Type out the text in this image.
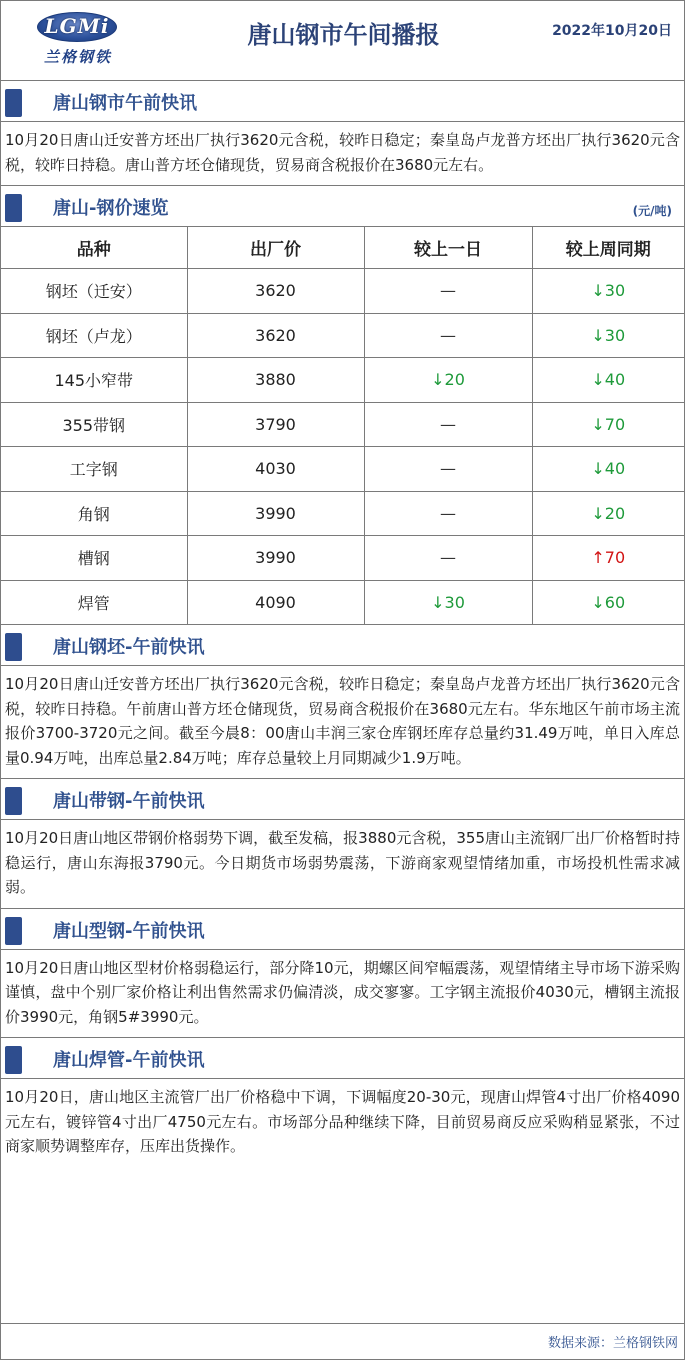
LGMi
兰格钢铁
唐山钢市午间播报	2022年10月20日
唐山钢市午前快讯
10月20日唐山迁安普方坯出厂执行3620元含税，较昨日稳定；秦皇岛卢龙普方坯出厂执行3620元含税，较昨日持稳。唐山普方坯仓储现货，贸易商含税报价在3680元左右。
唐山-钢价速览	(元/吨)
品种	出厂价	较上一日	较上周同期
钢坯（迁安）	3620	—	↓30
钢坯（卢龙）	3620	—	↓30
145小窄带	3880	↓20	↓40
355带钢	3790	—	↓70
工字钢	4030	—	↓40
角钢	3990	—	↓20
槽钢	3990	—	↑70
焊管	4090	↓30	↓60
唐山钢坯-午前快讯
10月20日唐山迁安普方坯出厂执行3620元含税，较昨日稳定；秦皇岛卢龙普方坯出厂执行3620元含税，较昨日持稳。午前唐山普方坯仓储现货，贸易商含税报价在3680元左右。华东地区午前市场主流报价3700-3720元之间。截至今晨8：00唐山丰润三家仓库钢坯库存总量约31.49万吨，单日入库总量0.94万吨，出库总量2.84万吨；库存总量较上月同期减少1.9万吨。
唐山带钢-午前快讯
10月20日唐山地区带钢价格弱势下调，截至发稿，报3880元含税，355唐山主流钢厂出厂价格暂时持稳运行，唐山东海报3790元。今日期货市场弱势震荡，下游商家观望情绪加重，市场投机性需求减弱。
唐山型钢-午前快讯
10月20日唐山地区型材价格弱稳运行，部分降10元，期螺区间窄幅震荡，观望情绪主导市场下游采购谨慎，盘中个别厂家价格让利出售然需求仍偏清淡，成交寥寥。工字钢主流报价4030元，槽钢主流报价3990元，角钢5#3990元。
唐山焊管-午前快讯
10月20日，唐山地区主流管厂出厂价格稳中下调，下调幅度20-30元，现唐山焊管4寸出厂价格4090元左右，镀锌管4寸出厂4750元左右。市场部分品种继续下降，目前贸易商反应采购稍显紧张，不过商家顺势调整库存，压库出货操作。
数据来源：兰格钢铁网
